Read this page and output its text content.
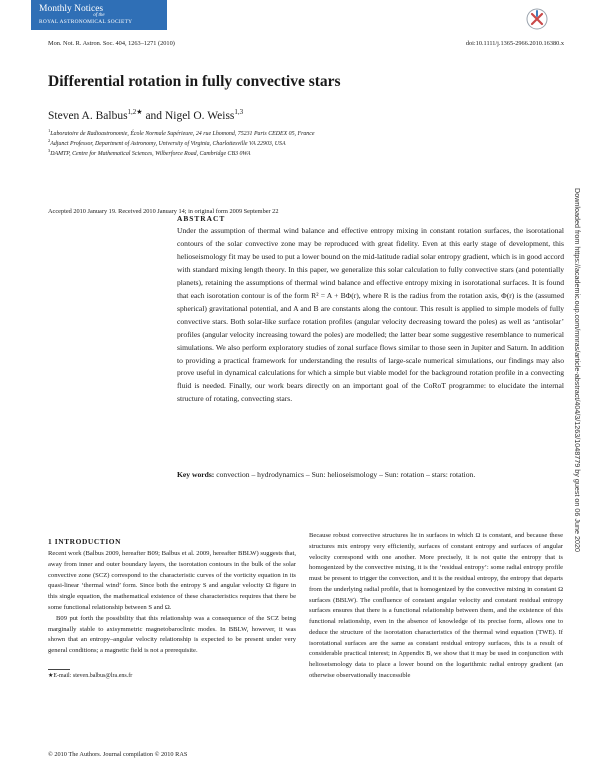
Monthly Notices
of the
ROYAL ASTRONOMICAL SOCIETY
Mon. Not. R. Astron. Soc. 404, 1263–1271 (2010)	doi:10.1111/j.1365-2966.2010.16380.x
Differential rotation in fully convective stars
Steven A. Balbus$^{1,2★}$ and Nigel O. Weiss$^{1,3}$
$^1$Laboratoire de Radioastronomie, École Normale Supérieure, 24 rue Lhomond, 75231 Paris CEDEX 05, France
$^2$Adjunct Professor, Department of Astronomy, University of Virginia, Charlottesville VA 22903, USA
$^3$DAMTP, Centre for Mathematical Sciences, Wilberforce Road, Cambridge CB3 0WA
Accepted 2010 January 19. Received 2010 January 14; in original form 2009 September 22
ABSTRACT
Under the assumption of thermal wind balance and effective entropy mixing in constant rotation surfaces, the isorotational contours of the solar convective zone may be reproduced with great fidelity. Even at this early stage of development, this helioseismology fit may be used to put a lower bound on the mid-latitude radial solar entropy gradient, which is in good accord with standard mixing length theory. In this paper, we generalize this solar calculation to fully convective stars (and potentially planets), retaining the assumptions of thermal wind balance and effective entropy mixing in isorotational surfaces. It is found that each isorotation contour is of the form R² = A + BΦ(r), where R is the radius from the rotation axis, Φ(r) is the (assumed spherical) gravitational potential, and A and B are constants along the contour. This result is applied to simple models of fully convective stars. Both solar-like surface rotation profiles (angular velocity decreasing toward the poles) as well as ‘antisolar’ profiles (angular velocity increasing toward the poles) are modelled; the latter bear some suggestive resemblance to numerical simulations. We also perform exploratory studies of zonal surface flows similar to those seen in Jupiter and Saturn. In addition to providing a practical framework for understanding the results of large-scale numerical simulations, our findings may also prove useful in dynamical calculations for which a simple but viable model for the background rotation profile in a convecting fluid is needed. Finally, our work bears directly on an important goal of the CoRoT programme: to elucidate the internal structure of rotating, convecting stars.
Key words: convection – hydrodynamics – Sun: helioseismology – Sun: rotation – stars: rotation.
1 INTRODUCTION

Recent work (Balbus 2009, hereafter B09; Balbus et al. 2009, hereafter BBLW) suggests that, away from inner and outer boundary layers, the isorotation contours in the bulk of the solar convective zone (SCZ) correspond to the characteristic curves of the vorticity equation in its quasi-linear ‘thermal wind’ form. Since both the entropy S and angular velocity Ω figure in this single equation, the mathematical existence of these characteristics requires that there be some functional relationship between S and Ω.

B09 put forth the possibility that this relationship was a consequence of the SCZ being marginally stable to axisymmetric magnetobaroclinic modes. In BBLW, however, it was shown that an entropy–angular velocity relationship is expected to be present under very general conditions; a magnetic field is not a prerequisite.

Because robust convective structures lie in surfaces in which Ω is constant, and because these structures mix entropy very efficiently, surfaces of constant entropy and surfaces of angular velocity correspond with one another. More precisely, it is not quite the entropy that is homogenized by the convective mixing, it is the ‘residual entropy’: some radial entropy profile must be present to trigger the convection, and it is the residual entropy, the entropy that departs from the underlying radial profile, that is homogenized by the convective mixing in constant Ω surfaces (BBLW). The confluence of constant angular velocity and constant residual entropy surfaces ensures that there is a functional relationship between them, and the existence of this functional relationship, even in the absence of knowledge of its precise form, allows one to deduce the structure of the isorotation characteristics of the thermal wind equation (TWE). If isorotational surfaces are the same as constant residual entropy surfaces, this is a result of considerable practical interest; in Appendix B, we show that it may be used in conjunction with helioseismology data to place a lower bound on the logarithmic radial entropy gradient (an otherwise observationally inaccessible

★E-mail: steven.balbus@lra.ens.fr
© 2010 The Authors. Journal compilation © 2010 RAS
Downloaded from https://academic.oup.com/mnras/article-abstract/404/3/1263/1048779 by guest on 06 June 2020
